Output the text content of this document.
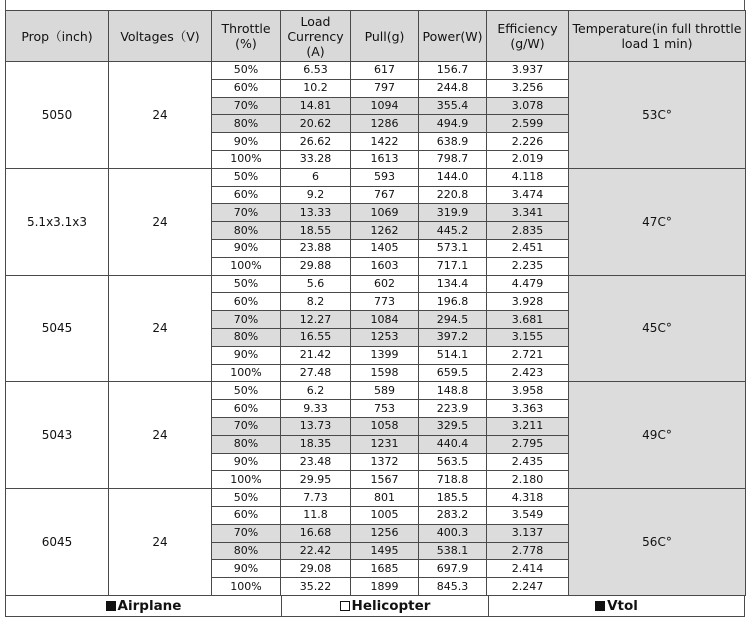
Prop（inch)	Voltages（V)	Throttle (%)	Load Currency (A)	Pull(g)	Power(W)	Efficiency (g/W)	Temperature(in full throttle load 1 min)
5050	24	50%	6.53	617	156.7	3.937	53C°
		60%	10.2	797	244.8	3.256	
		70%	14.81	1094	355.4	3.078	
		80%	20.62	1286	494.9	2.599	
		90%	26.62	1422	638.9	2.226	
		100%	33.28	1613	798.7	2.019	
5.1x3.1x3	24	50%	6	593	144.0	4.118	47C°
		60%	9.2	767	220.8	3.474	
		70%	13.33	1069	319.9	3.341	
		80%	18.55	1262	445.2	2.835	
		90%	23.88	1405	573.1	2.451	
		100%	29.88	1603	717.1	2.235	
5045	24	50%	5.6	602	134.4	4.479	45C°
		60%	8.2	773	196.8	3.928	
		70%	12.27	1084	294.5	3.681	
		80%	16.55	1253	397.2	3.155	
		90%	21.42	1399	514.1	2.721	
		100%	27.48	1598	659.5	2.423	
5043	24	50%	6.2	589	148.8	3.958	49C°
		60%	9.33	753	223.9	3.363	
		70%	13.73	1058	329.5	3.211	
		80%	18.35	1231	440.4	2.795	
		90%	23.48	1372	563.5	2.435	
		100%	29.95	1567	718.8	2.180	
6045	24	50%	7.73	801	185.5	4.318	56C°
		60%	11.8	1005	283.2	3.549	
		70%	16.68	1256	400.3	3.137	
		80%	22.42	1495	538.1	2.778	
		90%	29.08	1685	697.9	2.414	
		100%	35.22	1899	845.3	2.247	
Airplane	Helicopter	Vtol
